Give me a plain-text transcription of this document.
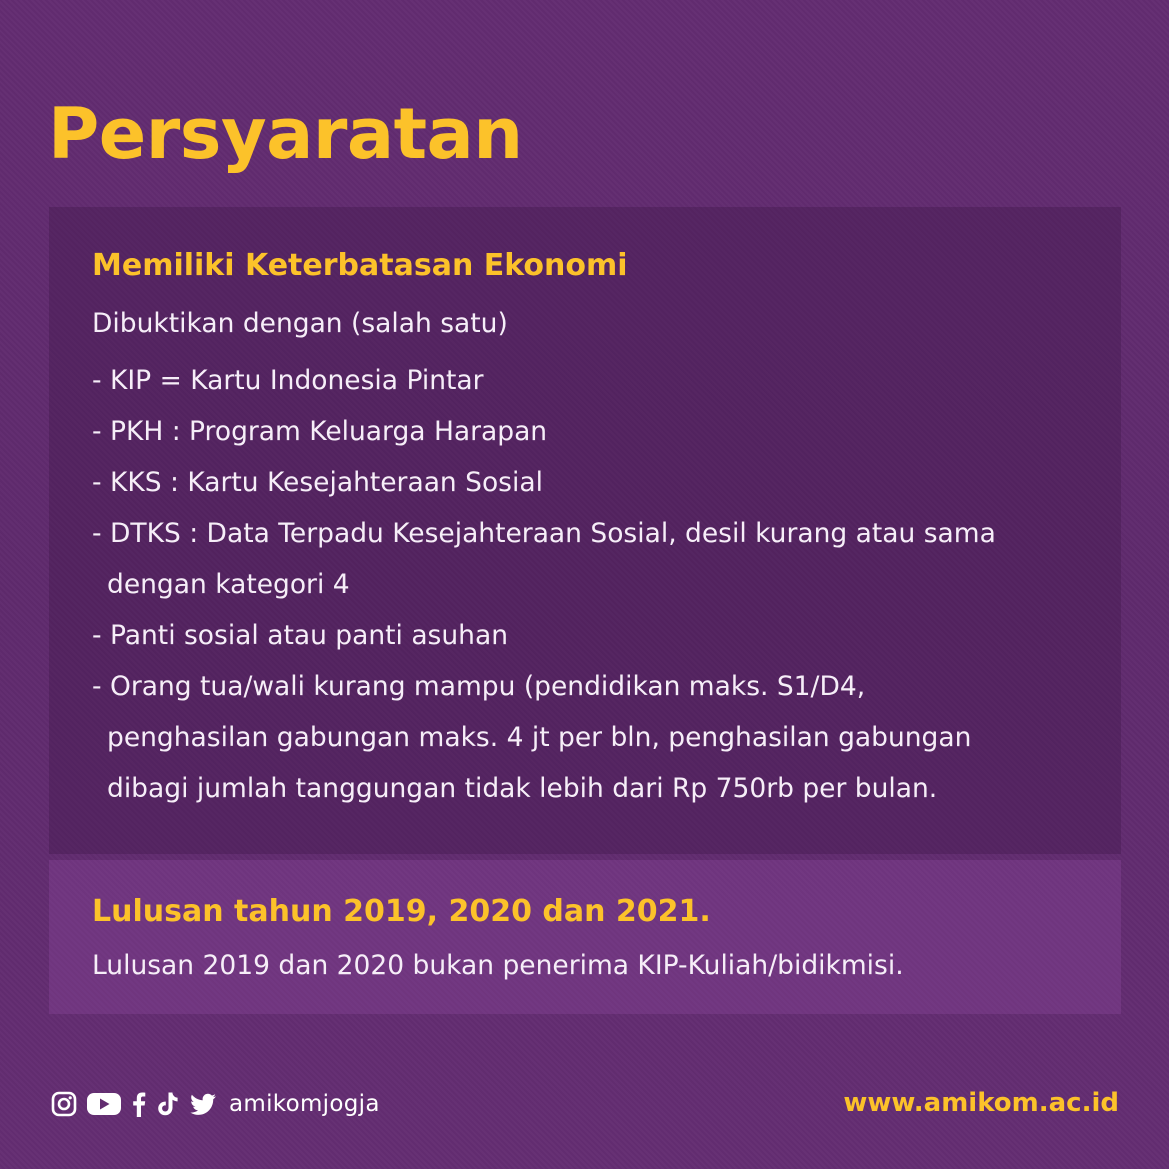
Persyaratan
Memiliki Keterbatasan Ekonomi
Dibuktikan dengan (salah satu)
- KIP = Kartu Indonesia Pintar
- PKH : Program Keluarga Harapan
- KKS : Kartu Kesejahteraan Sosial
- DTKS : Data Terpadu Kesejahteraan Sosial, desil kurang atau sama
dengan kategori 4
- Panti sosial atau panti asuhan
- Orang tua/wali kurang mampu (pendidikan maks. S1/D4,
penghasilan gabungan maks. 4 jt per bln, penghasilan gabungan
dibagi jumlah tanggungan tidak lebih dari Rp 750rb per bulan.
Lulusan tahun 2019, 2020 dan 2021.
Lulusan 2019 dan 2020 bukan penerima KIP-Kuliah/bidikmisi.
amikomjogja	www.amikom.ac.id
